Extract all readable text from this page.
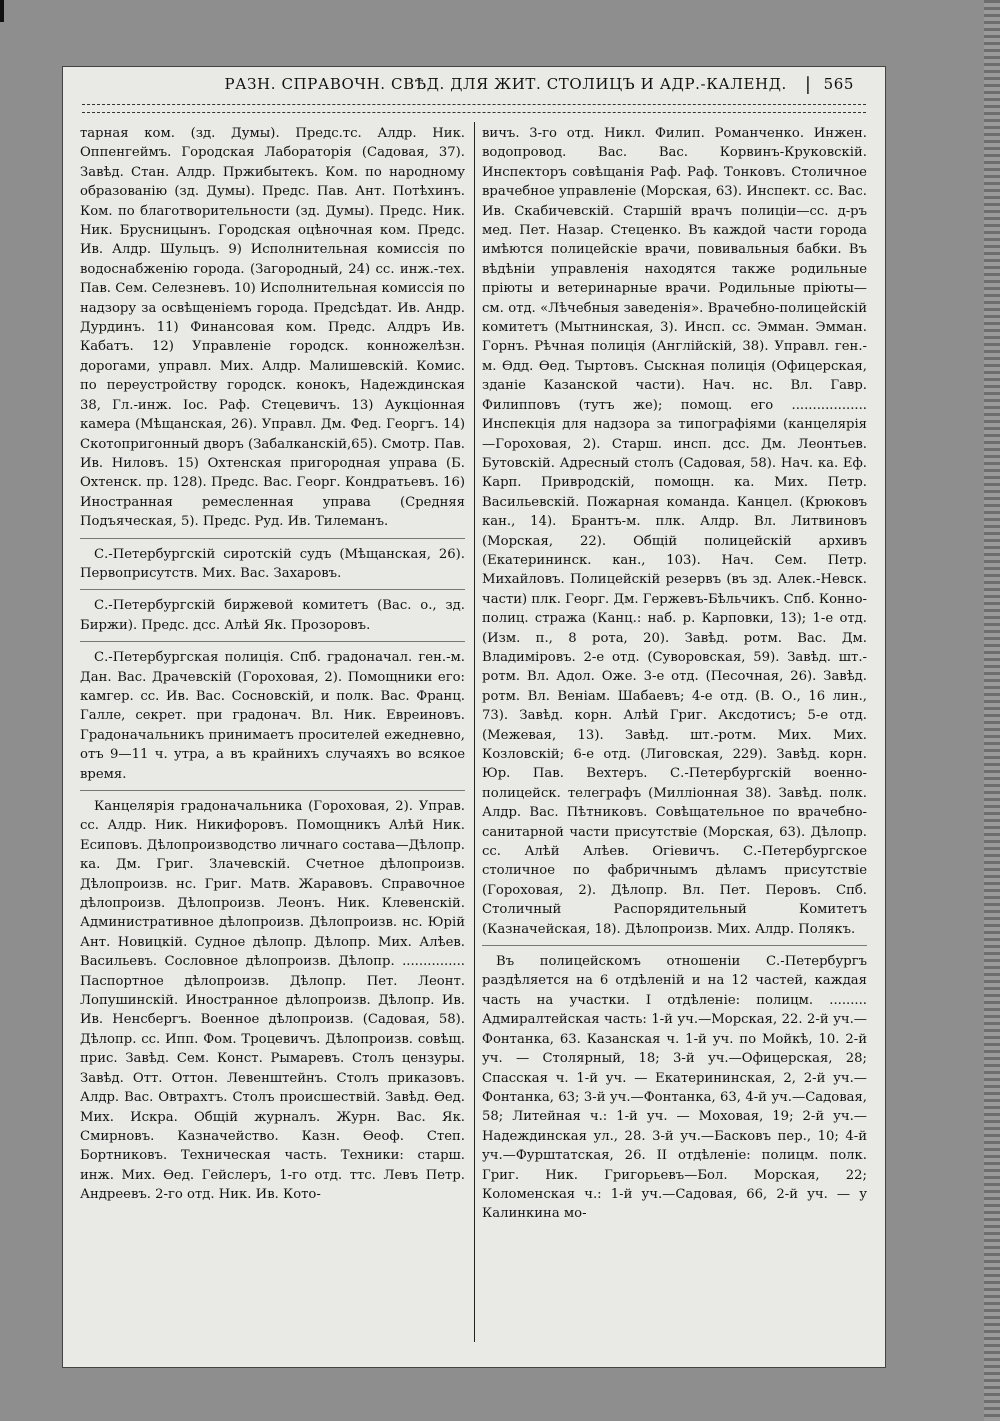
РАЗН. СПРАВОЧН. СВѢД. ДЛЯ ЖИТ. СТОЛИЦЪ И АДР.-КАЛЕНД. | 565

тарная ком. (зд. Думы). Предс.тс. Алдр. Ник. Оппенгеймъ. Городская Лабораторія (Садовая, 37). Завѣд. Стан. Алдр. Пржибытекъ. Ком. по народному образованію (зд. Думы). Предс. Пав. Ант. Потѣхинъ. Ком. по благотворительности (зд. Думы). Предс. Ник. Ник. Брусницынъ. Городская оцѣночная ком. Предс. Ив. Алдр. Шульцъ. 9) Исполнительная комиссія по водоснабженію города. (Загородный, 24) сс. инж.-тех. Пав. Сем. Селезневъ. 10) Исполнительная комиссія по надзору за освѣщеніемъ города. Предсѣдат. Ив. Андр. Дурдинъ. 11) Финансовая ком. Предс. Алдръ Ив. Кабатъ. 12) Управленіе городск. конножелѣзн. дорогами, управл. Мих. Алдр. Малишевскій. Комис. по переустройству городск. конокъ, Надеждинская 38, Гл.-инж. Іос. Раф. Стецевичъ. 13) Аукціонная камера (Мѣщанская, 26). Управл. Дм. Фед. Георгъ. 14) Скотопригонный дворъ (Забалканскій,65). Смотр. Пав. Ив. Ниловъ. 15) Охтенская пригородная управа (Б. Охтенск. пр. 128). Предс. Вас. Георг. Кондратьевъ. 16) Иностранная ремесленная управа (Средняя Подъяческая, 5). Предс. Руд. Ив. Тилеманъ.

С.-Петербургскій сиротскій судъ (Мѣщанская, 26). Первоприсутств. Мих. Вас. Захаровъ.

С.-Петербургскій биржевой комитетъ (Вас. о., зд. Биржи). Предс. дсс. Алѣй Як. Прозоровъ.

С.-Петербургская полиція. Спб. градоначал. ген.-м. Дан. Вас. Драчевскій (Гороховая, 2). Помощники его: камгер. сс. Ив. Вас. Сосновскій, и полк. Вас. Франц. Галле, секрет. при градонач. Вл. Ник. Евреиновъ. Градоначальникъ принимаетъ просителей ежедневно, отъ 9—11 ч. утра, а въ крайнихъ случаяхъ во всякое время.

Канцелярія градоначальника (Гороховая, 2). Управ. сс. Алдр. Ник. Никифоровъ. Помощникъ Алѣй Ник. Есиповъ. Дѣлопроизводство личнаго состава—Дѣлопр. ка. Дм. Григ. Злачевскій. Счетное дѣлопроизв. Дѣлопроизв. нс. Григ. Матв. Жаравовъ. Справочное дѣлопроизв. Дѣлопроизв. Леонъ. Ник. Клевенскій. Административное дѣлопроизв. Дѣлопроизв. нс. Юрій Ант. Новицкій. Судное дѣлопр. Дѣлопр. Мих. Алѣев. Васильевъ. Сословное дѣлопроизв. Дѣлопр. ............... Паспортное дѣлопроизв. Дѣлопр. Пет. Леонт. Лопушинскій. Иностранное дѣлопроизв. Дѣлопр. Ив. Ив. Ненсбергъ. Военное дѣлопроизв. (Садовая, 58). Дѣлопр. сс. Ипп. Фом. Троцевичъ. Дѣлопроизв. совѣщ. прис. Завѣд. Сем. Конст. Рымаревъ. Столъ цензуры. Завѣд. Отт. Оттон. Левенштейнъ. Столъ приказовъ. Алдр. Вас. Овтрахтъ. Столъ происшествій. Завѣд. Ѳед. Мих. Искра. Общій журналъ. Журн. Вас. Як. Смирновъ. Казначейство. Казн. Ѳеоф. Степ. Бортниковъ. Техническая часть. Техники: старш. инж. Мих. Ѳед. Гейслеръ, 1-го отд. ттс. Левъ Петр. Андреевъ. 2-го отд. Ник. Ив. Кото-

вичъ. 3-го отд. Никл. Филип. Романченко. Инжен. водопровод. Вас. Вас. Корвинъ-Круковскій. Инспекторъ совѣщанія Раф. Раф. Тонковъ. Столичное врачебное управленіе (Морская, 63). Инспект. сс. Вас. Ив. Скабичевскій. Старшій врачъ полиціи—сс. д-ръ мед. Пет. Назар. Стеценко. Въ каждой части города имѣются полицейскіе врачи, повивальныя бабки. Въ вѣдѣніи управленія находятся также родильные пріюты и ветеринарные врачи. Родильные пріюты—см. отд. «Лѣчебныя заведенія». Врачебно-полицейскій комитетъ (Мытнинская, 3). Инсп. сс. Эмман. Эмман. Горнъ. Рѣчная полиція (Англійскій, 38). Управл. ген.-м. Ѳдд. Ѳед. Тыртовъ. Сыскная полиція (Офицерская, зданіе Казанской части). Нач. нс. Вл. Гавр. Филипповъ (тутъ же); помощ. его .................. Инспекція для надзора за типографіями (канцелярія—Гороховая, 2). Старш. инсп. дсс. Дм. Леонтьев. Бутовскій. Адресный столъ (Садовая, 58). Нач. ка. Еф. Карп. Привродскій, помощн. ка. Мих. Петр. Васильевскій. Пожарная команда. Канцел. (Крюковъ кан., 14). Брантъ-м. плк. Алдр. Вл. Литвиновъ (Морская, 22). Общій полицейскій архивъ (Екатерининск. кан., 103). Нач. Сем. Петр. Михайловъ. Полицейскій резервъ (въ зд. Алек.-Невск. части) плк. Георг. Дм. Гержевъ-Бѣльчикъ. Спб. Конно-полиц. стража (Канц.: наб. р. Карповки, 13); 1-е отд. (Изм. п., 8 рота, 20). Завѣд. ротм. Вас. Дм. Владиміровъ. 2-е отд. (Суворовская, 59). Завѣд. шт.-ротм. Вл. Адол. Оже. 3-е отд. (Песочная, 26). Завѣд. ротм. Вл. Веніам. Шабаевъ; 4-е отд. (В. О., 16 лин., 73). Завѣд. корн. Алѣй Григ. Аксдотисъ; 5-е отд. (Межевая, 13). Завѣд. шт.-ротм. Мих. Мих. Козловскій; 6-е отд. (Лиговская, 229). Завѣд. корн. Юр. Пав. Вехтеръ. С.-Петербургскій военно-полицейск. телеграфъ (Милліонная 38). Завѣд. полк. Алдр. Вас. Пѣтниковъ. Совѣщательное по врачебно-санитарной части присутствіе (Морская, 63). Дѣлопр. сс. Алѣй Алѣев. Огіевичъ. С.-Петербургское столичное по фабричнымъ дѣламъ присутствіе (Гороховая, 2). Дѣлопр. Вл. Пет. Перовъ. Спб. Столичный Распорядительный Комитетъ (Казначейская, 18). Дѣлопроизв. Мих. Алдр. Полякъ.

Въ полицейскомъ отношеніи С.-Петербургъ раздѣляется на 6 отдѣленій и на 12 частей, каждая часть на участки. I отдѣленіе: полицм. ......... Адмиралтейская часть: 1-й уч.—Морская, 22. 2-й уч.—Фонтанка, 63. Казанская ч. 1-й уч. по Мойкѣ, 10. 2-й уч. — Столярный, 18; 3-й уч.—Офицерская, 28; Спасская ч. 1-й уч. — Екатерининская, 2, 2-й уч.—Фонтанка, 63; 3-й уч.—Фонтанка, 63, 4-й уч.—Садовая, 58; Литейная ч.: 1-й уч. — Моховая, 19; 2-й уч.—Надеждинская ул., 28. 3-й уч.—Басковъ пер., 10; 4-й уч.—Фурштатская, 26. II отдѣленіе: полицм. полк. Григ. Ник. Григорьевъ—Бол. Морская, 22; Коломенская ч.: 1-й уч.—Садовая, 66, 2-й уч. — у Калинкина мо-
